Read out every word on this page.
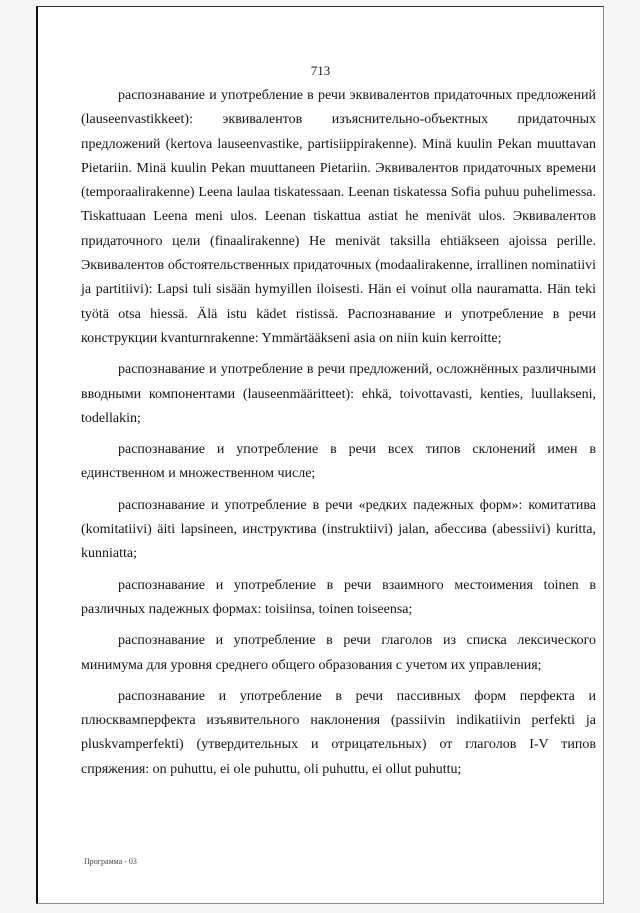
713

распознавание и употребление в речи эквивалентов придаточных предложений (lauseenvastikkeet): эквивалентов изъяснительно-объектных придаточных предложений (kertova lauseenvastike, partisiippirakenne). Minä kuulin Pekan muuttavan Pietariin. Minä kuulin Pekan muuttaneen Pietariin. Эквивалентов придаточных времени (temporaalirakenne) Leena laulaa tiskatessaan. Leenan tiskatessa Sofia puhuu puhelimessa. Tiskattuaan Leena meni ulos. Leenan tiskattua astiat he menivät ulos. Эквивалентов придаточного цели (finaalirakenne) He menivät taksilla ehtiäkseen ajoissa perille. Эквивалентов обстоятельственных придаточных (modaalirakenne, irrallinen nominatiivi ja partitiivi): Lapsi tuli sisään hymyillen iloisesti. Hän ei voinut olla nauramatta. Hän teki työtä otsa hiessä. Älä istu kädet ristissä. Распознавание и употребление в речи конструкции kvanturnrakenne: Ymmärtääkseni asia on niin kuin kerroitte;

распознавание и употребление в речи предложений, осложнённых различными вводными компонентами (lauseenmääritteet): ehkä, toivottavasti, kenties, luullakseni, todellakin;

распознавание и употребление в речи всех типов склонений имен в единственном и множественном числе;

распознавание и употребление в речи «редких падежных форм»: комитатива (komitatiivi) äiti lapsineen, инструктива (instruktiivi) jalan, абессива (abessiivi) kuritta, kunniatta;

распознавание и употребление в речи взаимного местоимения toinen в различных падежных формах: toisiinsa, toinen toiseensa;

распознавание и употребление в речи глаголов из списка лексического минимума для уровня среднего общего образования с учетом их управления;

распознавание и употребление в речи пассивных форм перфекта и плюсквамперфекта изъявительного наклонения (passiivin indikatiivin perfekti ja pluskvamperfekti) (утвердительных и отрицательных) от глаголов I-V типов спряжения: on puhuttu, ei ole puhuttu, oli puhuttu, ei ollut puhuttu;

Программа - 03
